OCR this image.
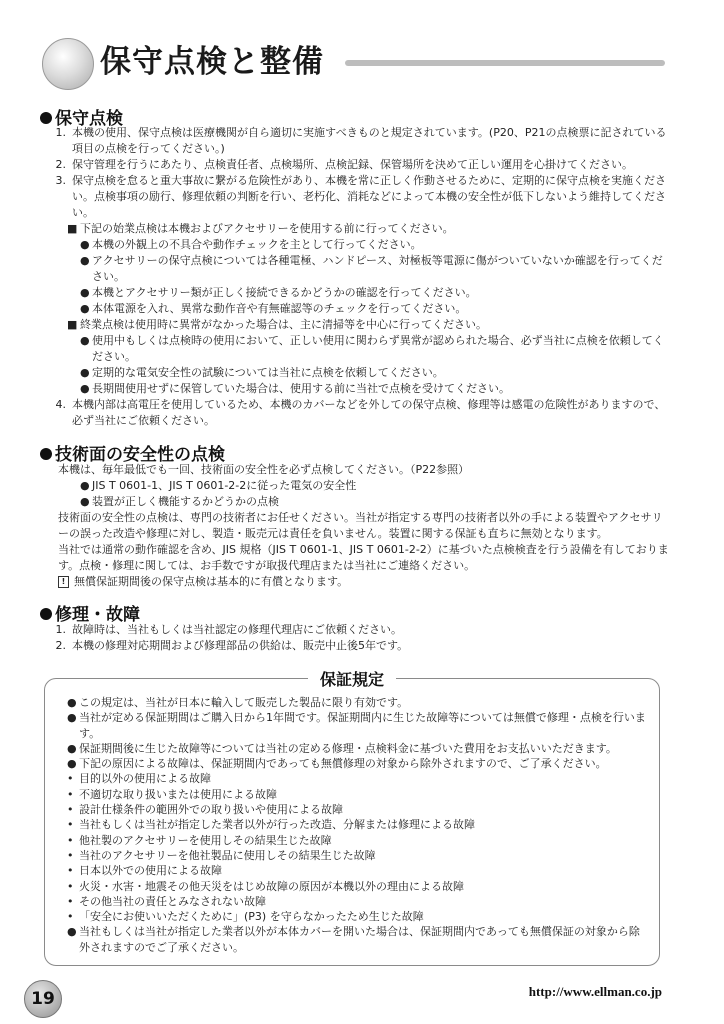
保守点検と整備
保守点検
1. 本機の使用、保守点検は医療機関が自ら適切に実施すべきものと規定されています。(P20、P21の点検票に記されている項目の点検を行ってください。)
2. 保守管理を行うにあたり、点検責任者、点検場所、点検記録、保管場所を決めて正しい運用を心掛けてください。
3. 保守点検を怠ると重大事故に繋がる危険性があり、本機を常に正しく作動させるために、定期的に保守点検を実施ください。点検事項の励行、修理依頼の判断を行い、老朽化、消耗などによって本機の安全性が低下しないよう維持してください。
■ 下記の始業点検は本機およびアクセサリーを使用する前に行ってください。
● 本機の外観上の不具合や動作チェックを主として行ってください。
● アクセサリーの保守点検については各種電極、ハンドピース、対極板等電源に傷がついていないか確認を行ってください。
● 本機とアクセサリー類が正しく接続できるかどうかの確認を行ってください。
● 本体電源を入れ、異常な動作音や有無確認等のチェックを行ってください。
■ 終業点検は使用時に異常がなかった場合は、主に清掃等を中心に行ってください。
● 使用中もしくは点検時の使用において、正しい使用に関わらず異常が認められた場合、必ず当社に点検を依頼してください。
● 定期的な電気安全性の試験については当社に点検を依頼してください。
● 長期間使用せずに保管していた場合は、使用する前に当社で点検を受けてください。
4. 本機内部は高電圧を使用しているため、本機のカバーなどを外しての保守点検、修理等は感電の危険性がありますので、必ず当社にご依頼ください。
技術面の安全性の点検
本機は、毎年最低でも一回、技術面の安全性を必ず点検してください。（P22参照）
● JIS T 0601-1、JIS T 0601-2-2に従った電気の安全性
● 装置が正しく機能するかどうかの点検
技術面の安全性の点検は、専門の技術者にお任せください。当社が指定する専門の技術者以外の手による装置やアクセサリーの誤った改造や修理に対し、製造・販売元は責任を負いません。装置に関する保証も直ちに無効となります。
当社では通常の動作確認を含め、JIS 規格（JIS T 0601-1、JIS T 0601-2-2）に基づいた点検検査を行う設備を有しております。点検・修理に関しては、お手数ですが取扱代理店または当社にご連絡ください。
! 無償保証期間後の保守点検は基本的に有償となります。
修理・故障
1. 故障時は、当社もしくは当社認定の修理代理店にご依頼ください。
2. 本機の修理対応期間および修理部品の供給は、販売中止後5年です。
保証規定
● この規定は、当社が日本に輸入して販売した製品に限り有効です。
● 当社が定める保証期間はご購入日から1年間です。保証期間内に生じた故障等については無償で修理・点検を行います。
● 保証期間後に生じた故障等については当社の定める修理・点検料金に基づいた費用をお支払いいただきます。
● 下記の原因による故障は、保証期間内であっても無償修理の対象から除外されますので、ご了承ください。
• 目的以外の使用による故障
• 不適切な取り扱いまたは使用による故障
• 設計仕様条件の範囲外での取り扱いや使用による故障
• 当社もしくは当社が指定した業者以外が行った改造、分解または修理による故障
• 他社製のアクセサリーを使用しその結果生じた故障
• 当社のアクセサリーを他社製品に使用しその結果生じた故障
• 日本以外での使用による故障
• 火災・水害・地震その他天災をはじめ故障の原因が本機以外の理由による故障
• その他当社の責任とみなされない故障
• 「安全にお使いいただくために」(P3) を守らなかったため生じた故障
● 当社もしくは当社が指定した業者以外が本体カバーを開いた場合は、保証期間内であっても無償保証の対象から除外されますのでご了承ください。
19	http://www.ellman.co.jp
